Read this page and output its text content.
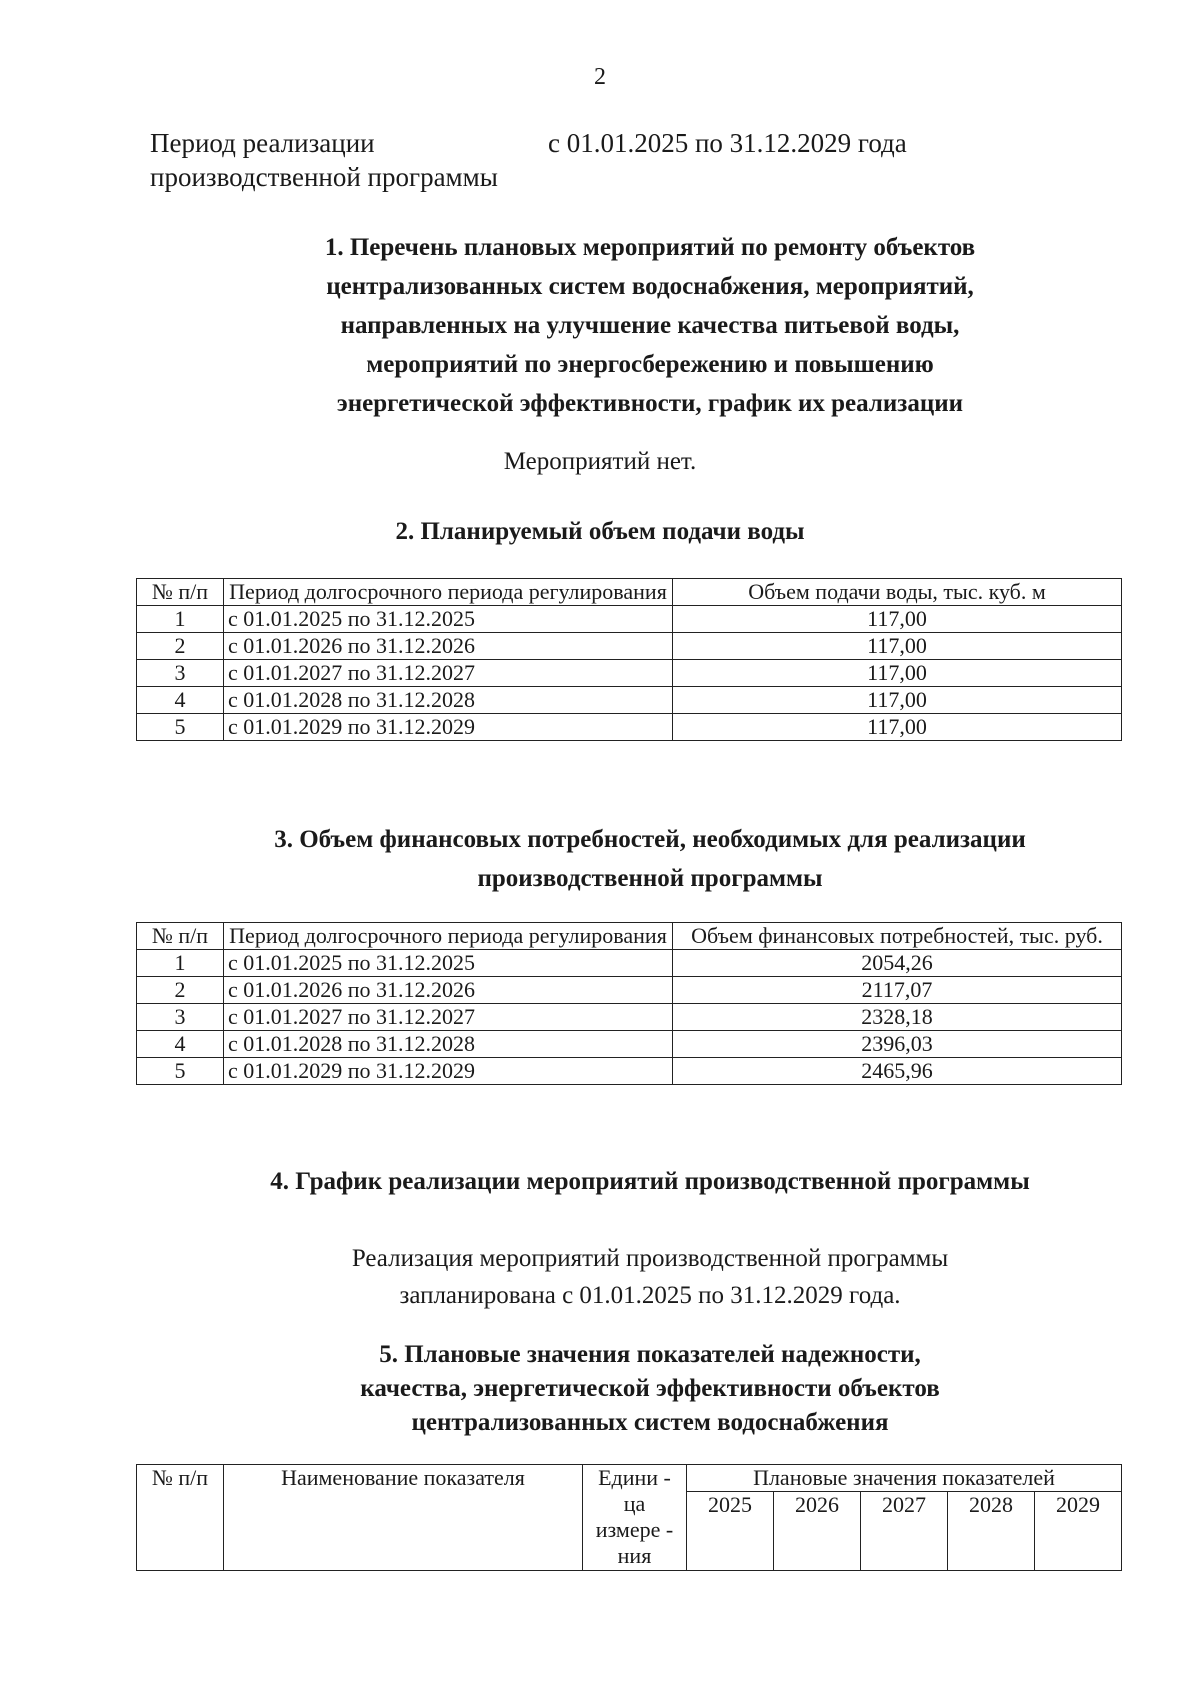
2
Период реализации
производственной программы
с 01.01.2025 по 31.12.2029 года
1. Перечень плановых мероприятий по ремонту объектов
централизованных систем водоснабжения, мероприятий,
направленных на улучшение качества питьевой воды,
мероприятий по энергосбережению и повышению
энергетической эффективности, график их реализации
Мероприятий нет.
2. Планируемый объем подачи воды
№ п/п	Период долгосрочного периода регулирования	Объем подачи воды, тыс. куб. м
1	с 01.01.2025 по 31.12.2025	117,00
2	с 01.01.2026 по 31.12.2026	117,00
3	с 01.01.2027 по 31.12.2027	117,00
4	с 01.01.2028 по 31.12.2028	117,00
5	с 01.01.2029 по 31.12.2029	117,00
3. Объем финансовых потребностей, необходимых для реализации
производственной программы
№ п/п	Период долгосрочного периода регулирования	Объем финансовых потребностей, тыс. руб.
1	с 01.01.2025 по 31.12.2025	2054,26
2	с 01.01.2026 по 31.12.2026	2117,07
3	с 01.01.2027 по 31.12.2027	2328,18
4	с 01.01.2028 по 31.12.2028	2396,03
5	с 01.01.2029 по 31.12.2029	2465,96
4. График реализации мероприятий производственной программы
Реализация мероприятий производственной программы
запланирована с 01.01.2025 по 31.12.2029 года.
5. Плановые значения показателей надежности,
качества, энергетической эффективности объектов
централизованных систем водоснабжения
№ п/п	Наименование показателя	Едини -
ца
измере -
ния	Плановые значения показателей				
			2025	2026	2027	2028	2029
